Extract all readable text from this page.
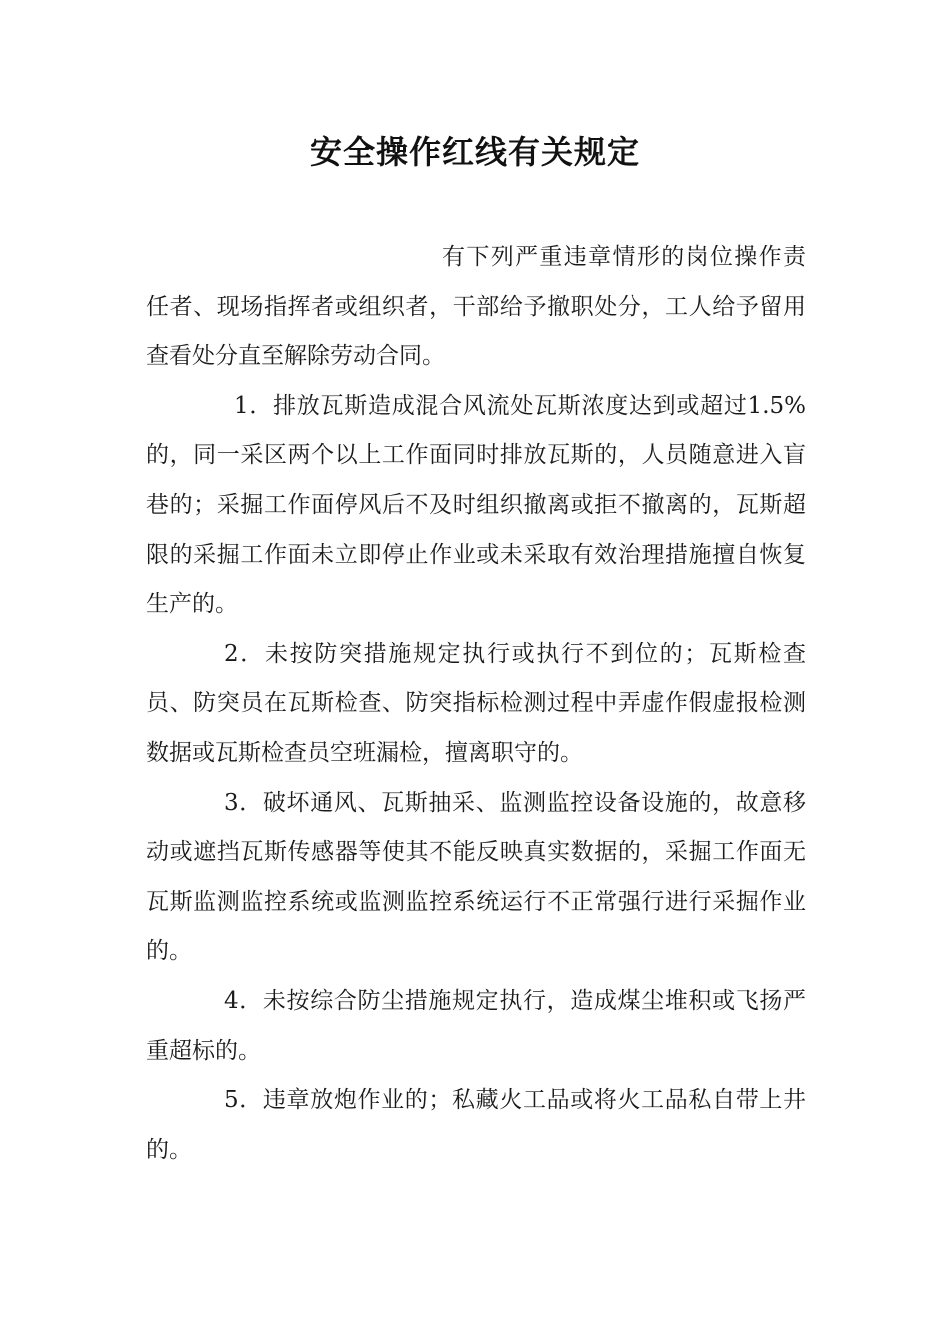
安全操作红线有关规定

有下列严重违章情形的岗位操作责任者、现场指挥者或组织者，干部给予撤职处分，工人给予留用查看处分直至解除劳动合同。

1．排放瓦斯造成混合风流处瓦斯浓度达到或超过1.5%的，同一采区两个以上工作面同时排放瓦斯的，人员随意进入盲巷的；采掘工作面停风后不及时组织撤离或拒不撤离的，瓦斯超限的采掘工作面未立即停止作业或未采取有效治理措施擅自恢复生产的。

2．未按防突措施规定执行或执行不到位的；瓦斯检查员、防突员在瓦斯检查、防突指标检测过程中弄虚作假虚报检测数据或瓦斯检查员空班漏检，擅离职守的。

3．破坏通风、瓦斯抽采、监测监控设备设施的，故意移动或遮挡瓦斯传感器等使其不能反映真实数据的，采掘工作面无瓦斯监测监控系统或监测监控系统运行不正常强行进行采掘作业的。

4．未按综合防尘措施规定执行，造成煤尘堆积或飞扬严重超标的。

5．违章放炮作业的；私藏火工品或将火工品私自带上井的。
